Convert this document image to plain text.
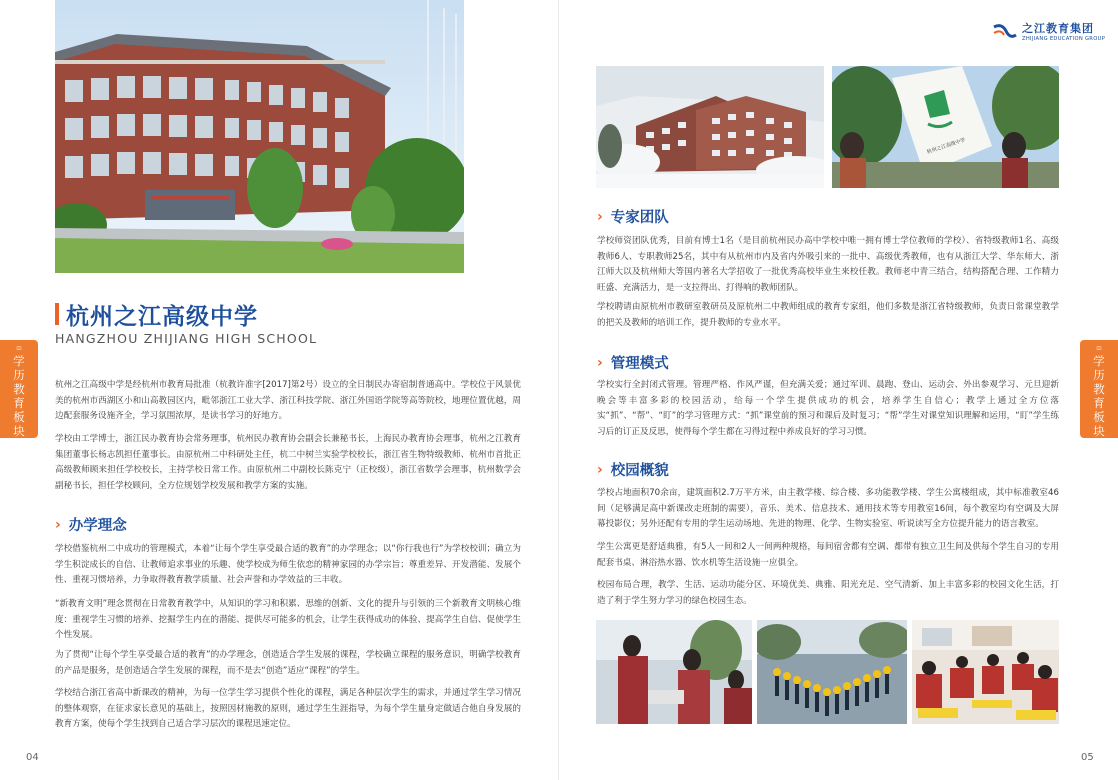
杭州之江高级中学
HANGZHOU ZHIJIANG HIGH SCHOOL
学历教育板块

杭州之江高级中学是经杭州市教育局批准（杭教许准字[2017]第2号）设立的全日制民办寄宿制普通高中。学校位于风景优美的杭州市西湖区小和山高教园区内，毗邻浙江工业大学、浙江科技学院、浙江外国语学院等高等院校，地理位置优越，周边配套服务设施齐全，学习氛围浓厚，是读书学习的好地方。

学校由工学博士，浙江民办教育协会常务理事，杭州民办教育协会副会长兼秘书长，上海民办教育协会理事，杭州之江教育集团董事长杨志凯担任董事长。由原杭州二中科研处主任，杭二中树兰实验学校校长，浙江省生物特级教师、杭州市首批正高级教师顾来担任学校校长，主持学校日常工作。由原杭州二中副校长陈克宁（正校级），浙江省数学会理事，杭州数学会副秘书长，担任学校顾问，全方位规划学校发展和教学方案的实施。

› 办学理念

学校借鉴杭州二中成功的管理模式，本着“让每个学生享受最合适的教育”的办学理念；以“你行我也行”为学校校训；确立为学生积淀成长的自信、让教师追求事业的乐趣、使学校成为师生依恋的精神家园的办学宗旨；尊重差异、开发潜能、发展个性、重视习惯培养，力争取得教育教学质量、社会声誉和办学效益的三丰收。

“新教育文明”理念贯彻在日常教育教学中，从知识的学习和积累、思维的创新、文化的提升与引领的三个新教育文明核心维度：重视学生习惯的培养、挖掘学生内在的潜能、提供尽可能多的机会，让学生获得成功的体验、提高学生自信、促使学生个性发展。

为了贯彻“让每个学生享受最合适的教育”的办学理念，创造适合学生发展的课程，学校确立课程的服务意识，明确学校教育的产品是服务，是创造适合学生发展的课程，而不是去“创造”适应“课程”的学生。

学校结合浙江省高中新课改的精神，为每一位学生学习提供个性化的课程，满足各种层次学生的需求，并通过学生学习情况的整体观察，在征求家长意见的基础上，按照因材施教的原则，通过学生生涯指导，为每个学生量身定做适合他自身发展的教育方案，使每个学生找到自己适合学习层次的课程迅速定位。

04
学历教育板块
05
之江教育集团
ZHIJIANG EDUCATION GROUP
杭州之江高级中学
› 专家团队

学校师资团队优秀，目前有博士1名（是目前杭州民办高中学校中唯一拥有博士学位教师的学校）、省特级教师1名、高级教师6人、专职教师25名，其中有从杭州市内及省内外吸引来的一批中、高级优秀教师，也有从浙江大学、华东师大、浙江师大以及杭州师大等国内著名大学招收了一批优秀高校毕业生来校任教。教师老中青三结合，结构搭配合理、工作精力旺盛、充满活力，是一支拉得出、打得响的教师团队。

学校聘请由原杭州市教研室教研员及原杭州二中教师组成的教育专家组，他们多数是浙江省特级教师，负责日常课堂教学的把关及教师的培训工作，提升教师的专业水平。

› 管理模式

学校实行全封闭式管理。管理严格、作风严谨，但充满关爱；通过军训、晨跑、登山、运动会、外出参观学习、元旦迎新晚会等丰富多彩的校园活动，给每一个学生提供成功的机会，培养学生自信心；教学上通过全方位落实“抓”、“帮”、“盯”的学习管理方式：“抓”课堂前的预习和课后及时复习；“帮”学生对课堂知识理解和运用，“盯”学生练习后的订正及反思，使得每个学生都在习得过程中养成良好的学习习惯。

› 校园概貌

学校占地面积70余亩，建筑面积2.7万平方米，由主教学楼、综合楼、多功能教学楼、学生公寓楼组成，其中标准教室46间（足够满足高中新课改走班制的需要），音乐、美术、信息技术、通用技术等专用教室16间，每个教室均有空调及大屏幕投影仪；另外还配有专用的学生运动场地、先进的物理、化学、生物实验室、听说读写全方位提升能力的语言教室。

学生公寓更是舒适典雅，有5人一间和2人一间两种规格，每间宿舍都有空调、都带有独立卫生间及供每个学生自习的专用配套书桌、淋浴热水器、饮水机等生活设施一应俱全。

校园布局合理，教学、生活、运动功能分区、环境优美、典雅、阳光充足、空气清新、加上丰富多彩的校园文化生活，打造了利于学生努力学习的绿色校园生态。
